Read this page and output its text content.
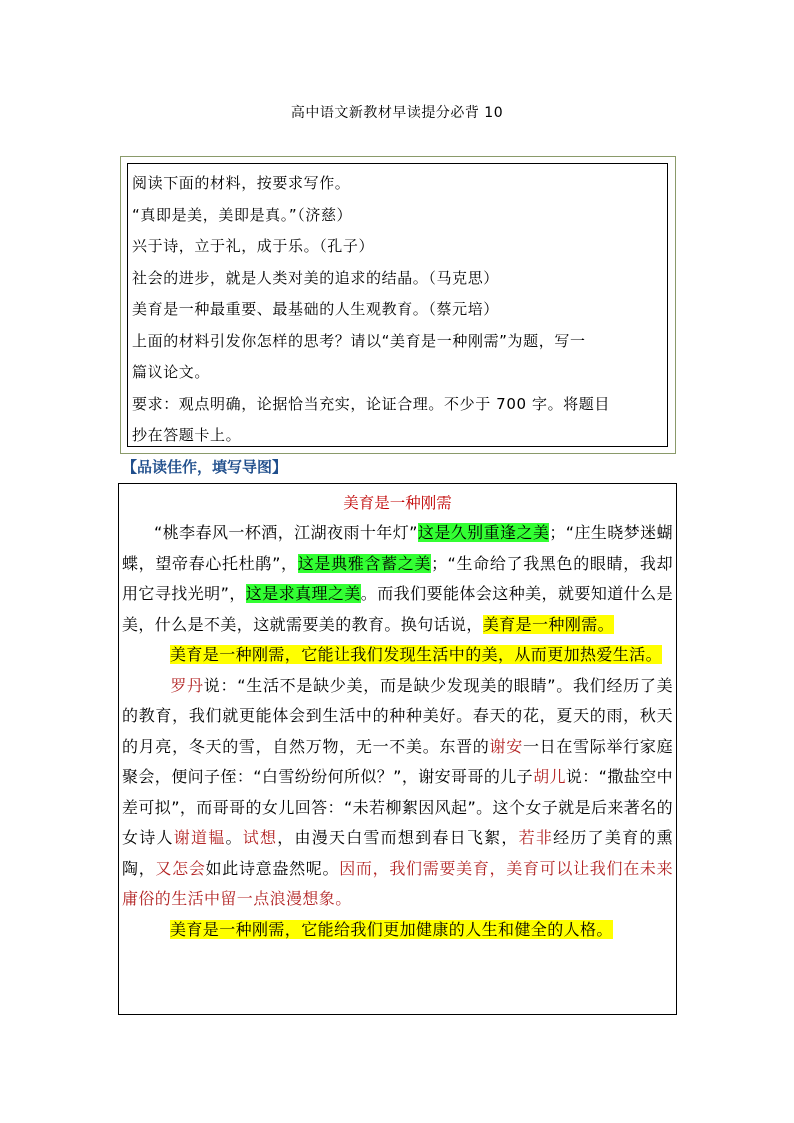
高中语文新教材早读提分必背 10
阅读下面的材料，按要求写作。
“真即是美，美即是真。”（济慈）
兴于诗，立于礼，成于乐。（孔子）
社会的进步，就是人类对美的追求的结晶。（马克思）
美育是一种最重要、最基础的人生观教育。（蔡元培）
上面的材料引发你怎样的思考？请以“美育是一种刚需”为题，写一
篇议论文。
要求：观点明确，论据恰当充实，论证合理。不少于 700 字。将题目
抄在答题卡上。
【品读佳作，填写导图】
美育是一种刚需
“桃李春风一杯酒，江湖夜雨十年灯”这是久别重逢之美；“庄生晓梦迷蝴蝶，望帝春心托杜鹃”，这是典雅含蓄之美；“生命给了我黑色的眼睛，我却用它寻找光明”，这是求真理之美。而我们要能体会这种美，就要知道什么是美，什么是不美，这就需要美的教育。换句话说，美育是一种刚需。
美育是一种刚需，它能让我们发现生活中的美，从而更加热爱生活。
罗丹说：“生活不是缺少美，而是缺少发现美的眼睛”。我们经历了美的教育，我们就更能体会到生活中的种种美好。春天的花，夏天的雨，秋天的月亮，冬天的雪，自然万物，无一不美。东晋的谢安一日在雪际举行家庭聚会，便问子侄：“白雪纷纷何所似？”，谢安哥哥的儿子胡儿说：“撒盐空中差可拟”，而哥哥的女儿回答：“未若柳絮因风起”。这个女子就是后来著名的女诗人谢道韫。试想，由漫天白雪而想到春日飞絮，若非经历了美育的熏陶，又怎会如此诗意盎然呢。因而，我们需要美育，美育可以让我们在未来庸俗的生活中留一点浪漫想象。
美育是一种刚需，它能给我们更加健康的人生和健全的人格。
